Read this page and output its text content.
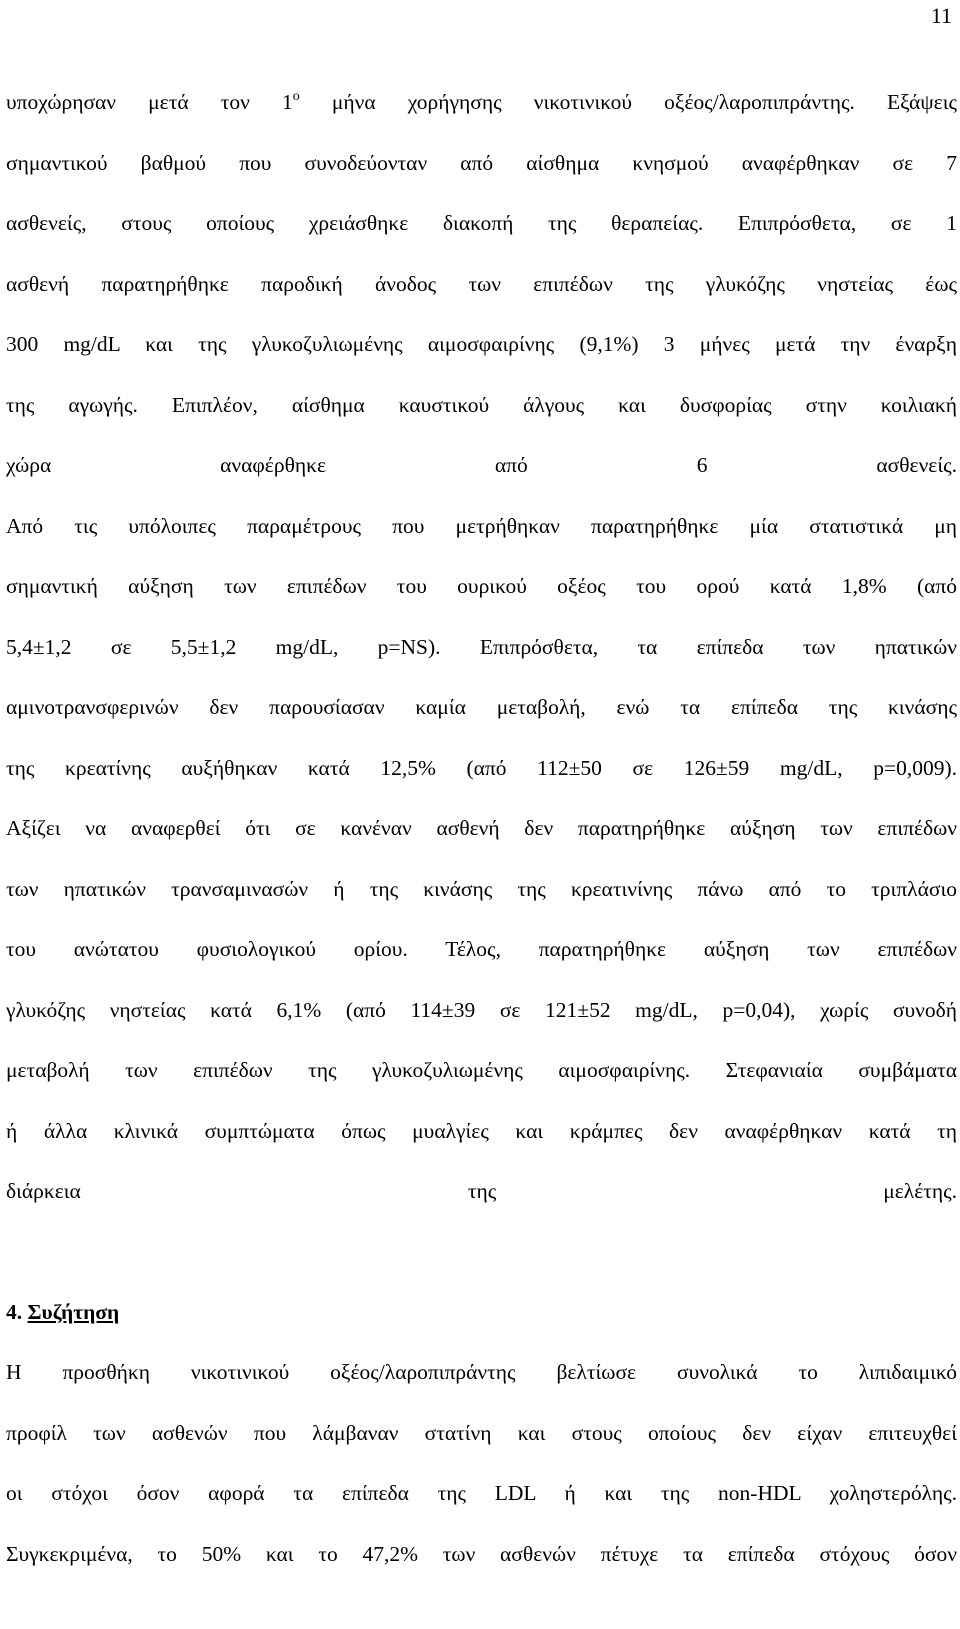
11
υποχώρησαν μετά τον $1^o$ μήνα χορήγησης νικοτινικού οξέος/λαροπιπράντης. Εξάψεις
σημαντικού βαθμού που συνοδεύονταν από αίσθημα κνησμού αναφέρθηκαν σε 7
ασθενείς, στους οποίους χρειάσθηκε διακοπή της θεραπείας. Επιπρόσθετα, σε 1
ασθενή παρατηρήθηκε παροδική άνοδος των επιπέδων της γλυκόζης νηστείας έως
300 mg/dL και της γλυκοζυλιωμένης αιμοσφαιρίνης (9,1%) 3 μήνες μετά την έναρξη
της αγωγής. Επιπλέον, αίσθημα καυστικού άλγους και δυσφορίας στην κοιλιακή
χώρα αναφέρθηκε από 6 ασθενείς.
Από τις υπόλοιπες παραμέτρους που μετρήθηκαν παρατηρήθηκε μία στατιστικά μη
σημαντική αύξηση των επιπέδων του ουρικού οξέος του ορού κατά 1,8% (από
5,4±1,2 σε 5,5±1,2 mg/dL, p=NS). Επιπρόσθετα, τα επίπεδα των ηπατικών
αμινοτρανσφερινών δεν παρουσίασαν καμία μεταβολή, ενώ τα επίπεδα της κινάσης
της κρεατίνης αυξήθηκαν κατά 12,5% (από 112±50 σε 126±59 mg/dL, p=0,009).
Αξίζει να αναφερθεί ότι σε κανέναν ασθενή δεν παρατηρήθηκε αύξηση των επιπέδων
των ηπατικών τρανσαμινασών ή της κινάσης της κρεατινίνης πάνω από το τριπλάσιο
του ανώτατου φυσιολογικού ορίου. Τέλος, παρατηρήθηκε αύξηση των επιπέδων
γλυκόζης νηστείας κατά 6,1% (από 114±39 σε 121±52 mg/dL, p=0,04), χωρίς συνοδή
μεταβολή των επιπέδων της γλυκοζυλιωμένης αιμοσφαιρίνης. Στεφανιαία συμβάματα
ή άλλα κλινικά συμπτώματα όπως μυαλγίες και κράμπες δεν αναφέρθηκαν κατά τη
διάρκεια της μελέτης.
4. Συζήτηση
Η προσθήκη νικοτινικού οξέος/λαροπιπράντης βελτίωσε συνολικά το λιπιδαιμικό
προφίλ των ασθενών που λάμβαναν στατίνη και στους οποίους δεν είχαν επιτευχθεί
οι στόχοι όσον αφορά τα επίπεδα της LDL ή και της non-HDL χοληστερόλης.
Συγκεκριμένα, το 50% και το 47,2% των ασθενών πέτυχε τα επίπεδα στόχους όσον
